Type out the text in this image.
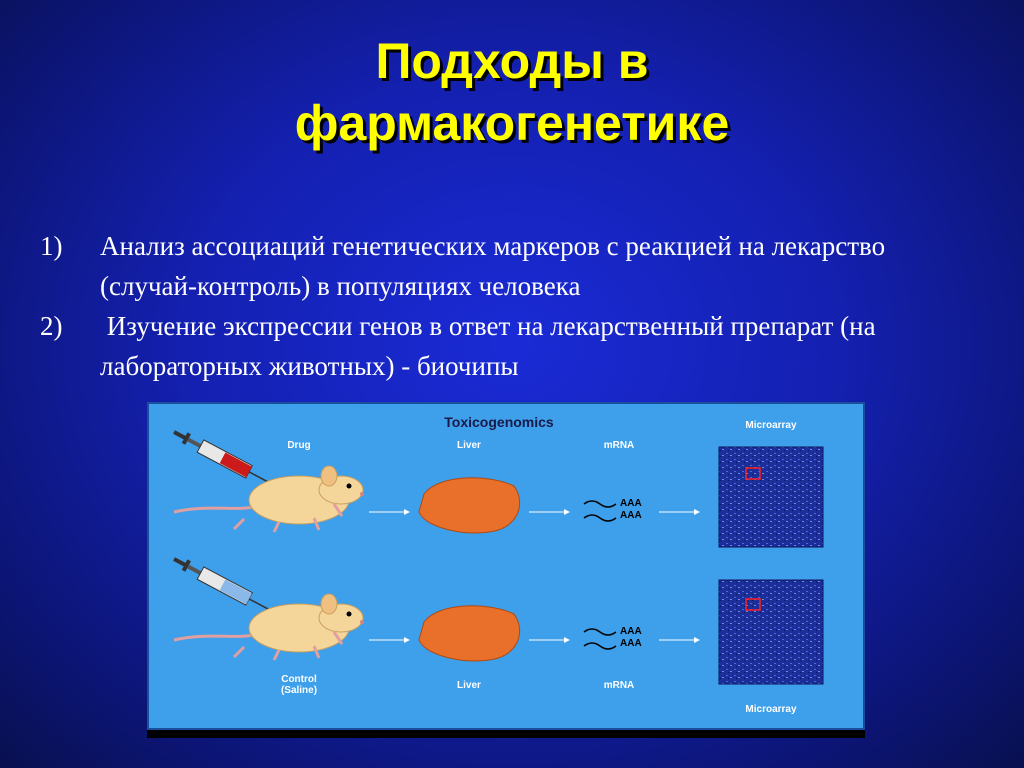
Подходы в
фармакогенетике
1)	Анализ ассоциаций генетических маркеров с реакцией на лекарство (случай-контроль) в популяциях человека
2)	Изучение экспрессии генов в ответ на лекарственный препарат (на лабораторных животных) - биочипы
Toxicogenomics
Drug	Liver	mRNA
Microarray
AAA
AAA
AAA
AAA
Control
(Saline)	Liver	mRNA
Microarray
